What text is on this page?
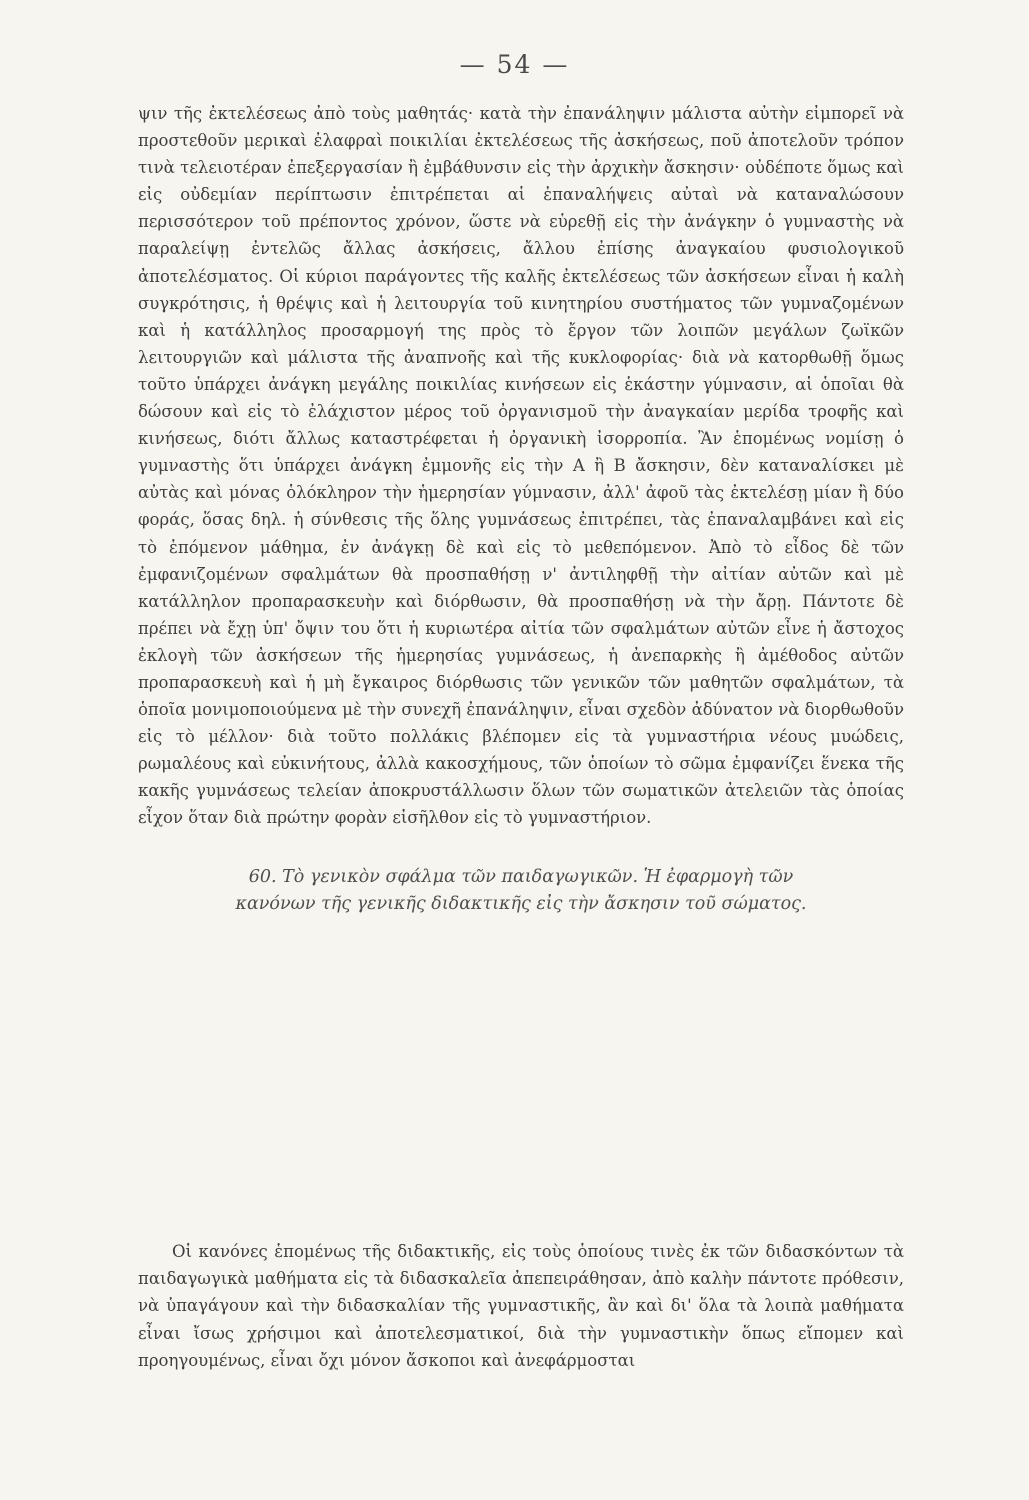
— 54 —

ψιν τῆς ἐκτελέσεως ἀπὸ τοὺς μαθητάς· κατὰ τὴν ἐπανάληψιν μάλιστα αὐτὴν εἰμπορεῖ νὰ προστεθοῦν μερικαὶ ἐλαφραὶ ποικιλίαι ἐκτελέσεως τῆς ἀσκήσεως, ποῦ ἀποτελοῦν τρόπον τινὰ τελειοτέραν ἐπεξεργασίαν ἢ ἐμβάθυνσιν εἰς τὴν ἀρχικὴν ἄσκησιν· οὐδέποτε ὅμως καὶ εἰς οὐδεμίαν περίπτωσιν ἐπιτρέπεται αἱ ἐπαναλήψεις αὐταὶ νὰ καταναλώσουν περισσότερον τοῦ πρέποντος χρόνον, ὥστε νὰ εὑρεθῇ εἰς τὴν ἀνάγκην ὁ γυμναστὴς νὰ παραλείψῃ ἐντελῶς ἄλλας ἀσκήσεις, ἄλλου ἐπίσης ἀναγκαίου φυσιολογικοῦ ἀποτελέσματος. Οἱ κύριοι παράγοντες τῆς καλῆς ἐκτελέσεως τῶν ἀσκήσεων εἶναι ἡ καλὴ συγκρότησις, ἡ θρέψις καὶ ἡ λειτουργία τοῦ κινητηρίου συστήματος τῶν γυμναζομένων καὶ ἡ κατάλληλος προσαρμογή της πρὸς τὸ ἔργον τῶν λοιπῶν μεγάλων ζωϊκῶν λειτουργιῶν καὶ μάλιστα τῆς ἀναπνοῆς καὶ τῆς κυκλοφορίας· διὰ νὰ κατορθωθῇ ὅμως τοῦτο ὑπάρχει ἀνάγκη μεγάλης ποικιλίας κινήσεων εἰς ἑκάστην γύμνασιν, αἱ ὁποῖαι θὰ δώσουν καὶ εἰς τὸ ἐλάχιστον μέρος τοῦ ὀργανισμοῦ τὴν ἀναγκαίαν μερίδα τροφῆς καὶ κινήσεως, διότι ἄλλως καταστρέφεται ἡ ὀργανικὴ ἰσορροπία. Ἂν ἑπομένως νομίσῃ ὁ γυμναστὴς ὅτι ὑπάρχει ἀνάγκη ἐμμονῆς εἰς τὴν Α ἢ Β ἄσκησιν, δὲν καταναλίσκει μὲ αὐτὰς καὶ μόνας ὁλόκληρον τὴν ἡμερησίαν γύμνασιν, ἀλλ' ἀφοῦ τὰς ἐκτελέσῃ μίαν ἢ δύο φοράς, ὅσας δηλ. ἡ σύνθεσις τῆς ὅλης γυμνάσεως ἐπιτρέπει, τὰς ἐπαναλαμβάνει καὶ εἰς τὸ ἑπόμενον μάθημα, ἐν ἀνάγκῃ δὲ καὶ εἰς τὸ μεθεπόμενον. Ἀπὸ τὸ εἶδος δὲ τῶν ἐμφανιζομένων σφαλμάτων θὰ προσπαθήσῃ ν' ἀντιληφθῇ τὴν αἰτίαν αὐτῶν καὶ μὲ κατάλληλον προπαρασκευὴν καὶ διόρθωσιν, θὰ προσπαθήσῃ νὰ τὴν ἄρῃ. Πάντοτε δὲ πρέπει νὰ ἔχῃ ὑπ' ὄψιν του ὅτι ἡ κυριωτέρα αἰτία τῶν σφαλμάτων αὐτῶν εἶνε ἡ ἄστοχος ἐκλογὴ τῶν ἀσκήσεων τῆς ἡμερησίας γυμνάσεως, ἡ ἀνεπαρκὴς ἢ ἀμέθοδος αὐτῶν προπαρασκευὴ καὶ ἡ μὴ ἔγκαιρος διόρθωσις τῶν γενικῶν τῶν μαθητῶν σφαλμάτων, τὰ ὁποῖα μονιμοποιούμενα μὲ τὴν συνεχῆ ἐπανάληψιν, εἶναι σχεδὸν ἀδύνατον νὰ διορθωθοῦν εἰς τὸ μέλλον· διὰ τοῦτο πολλάκις βλέπομεν εἰς τὰ γυμναστήρια νέους μυώδεις, ρωμαλέους καὶ εὐκινήτους, ἀλλὰ κακοσχήμους, τῶν ὁποίων τὸ σῶμα ἐμφανίζει ἕνεκα τῆς κακῆς γυμνάσεως τελείαν ἀποκρυστάλλωσιν ὅλων τῶν σωματικῶν ἀτελειῶν τὰς ὁποίας εἶχον ὅταν διὰ πρώτην φορὰν εἰσῆλθον εἰς τὸ γυμναστήριον.

60. Τὸ γενικὸν σφάλμα τῶν παιδαγωγικῶν. Ἡ ἐφαρμογὴ τῶν
κανόνων τῆς γενικῆς διδακτικῆς εἰς τὴν ἄσκησιν τοῦ σώματος.

Οἱ κανόνες ἑπομένως τῆς διδακτικῆς, εἰς τοὺς ὁποίους τινὲς ἐκ τῶν διδασκόντων τὰ παιδαγωγικὰ μαθήματα εἰς τὰ διδασκαλεῖα ἀπεπειράθησαν, ἀπὸ καλὴν πάντοτε πρόθεσιν, νὰ ὑπαγάγουν καὶ τὴν διδασκαλίαν τῆς γυμναστικῆς, ἂν καὶ δι' ὅλα τὰ λοιπὰ μαθήματα εἶναι ἴσως χρήσιμοι καὶ ἀποτελεσματικοί, διὰ τὴν γυμναστικὴν ὅπως εἴπομεν καὶ προηγουμένως, εἶναι ὄχι μόνον ἄσκοποι καὶ ἀνεφάρμοσται
